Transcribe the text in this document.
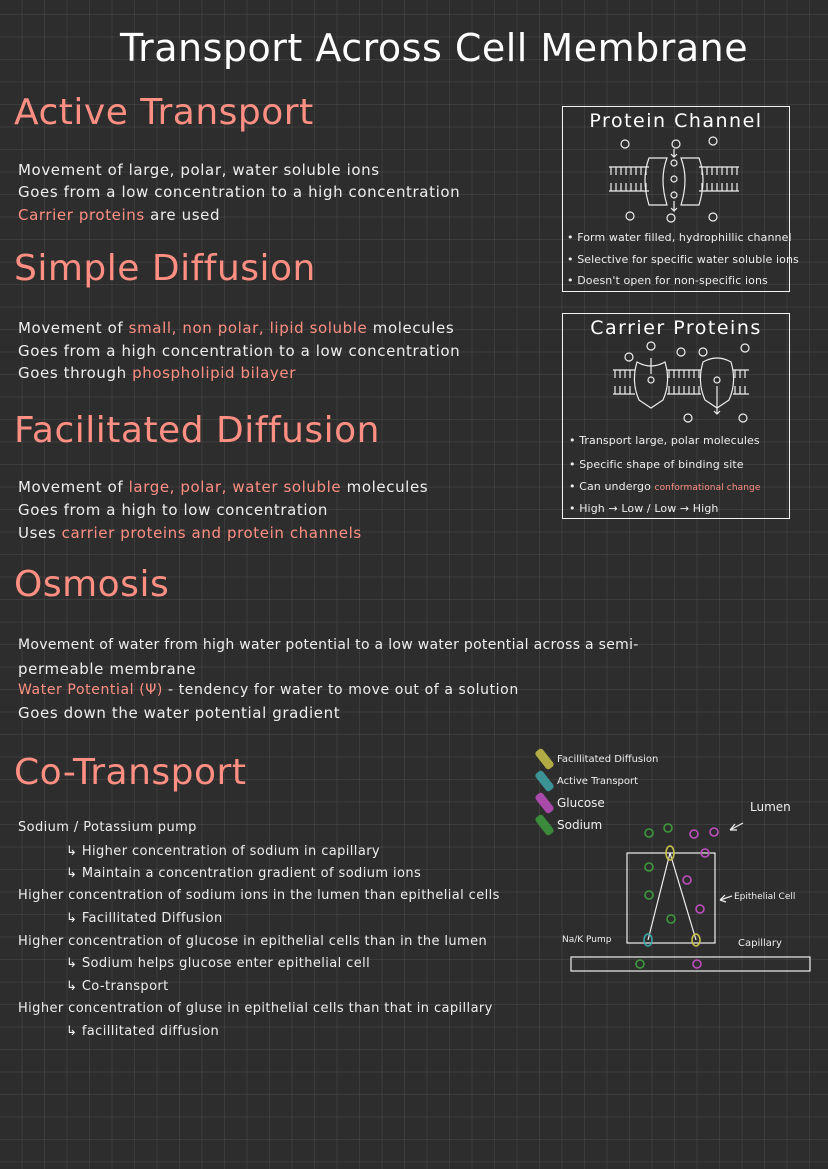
Transport Across Cell Membrane
Active Transport
Movement of large, polar, water soluble ions
Goes from a low concentration to a high concentration
Carrier proteins are used
Simple Diffusion
Movement of small, non polar, lipid soluble molecules
Goes from a high concentration to a low concentration
Goes through phospholipid bilayer
Facilitated Diffusion
Movement of large, polar, water soluble molecules
Goes from a high to low concentration
Uses carrier proteins and protein channels
Osmosis
Movement of water from high water potential to a low water potential across a semi-
permeable membrane
Water Potential (Ψ) - tendency for water to move out of a solution
Goes down the water potential gradient
Co-Transport
Sodium / Potassium pump
↳ Higher concentration of sodium in capillary
↳ Maintain a concentration gradient of sodium ions
Higher concentration of sodium ions in the lumen than epithelial cells
↳ Facillitated Diffusion
Higher concentration of glucose in epithelial cells than in the lumen
↳ Sodium helps glucose enter epithelial cell
↳ Co-transport
Higher concentration of gluse in epithelial cells than that in capillary
↳ facillitated diffusion
Protein Channel
• Form water filled, hydrophillic channel
• Selective for specific water soluble ions
• Doesn't open for non-specific ions
Carrier Proteins
• Transport large, polar molecules
• Specific shape of binding site
• Can undergo conformational change
• High → Low / Low → High
Facillitated Diffusion
Active Transport
Glucose
Sodium
Lumen
Epithelial Cell
Na/K Pump	Capillary
